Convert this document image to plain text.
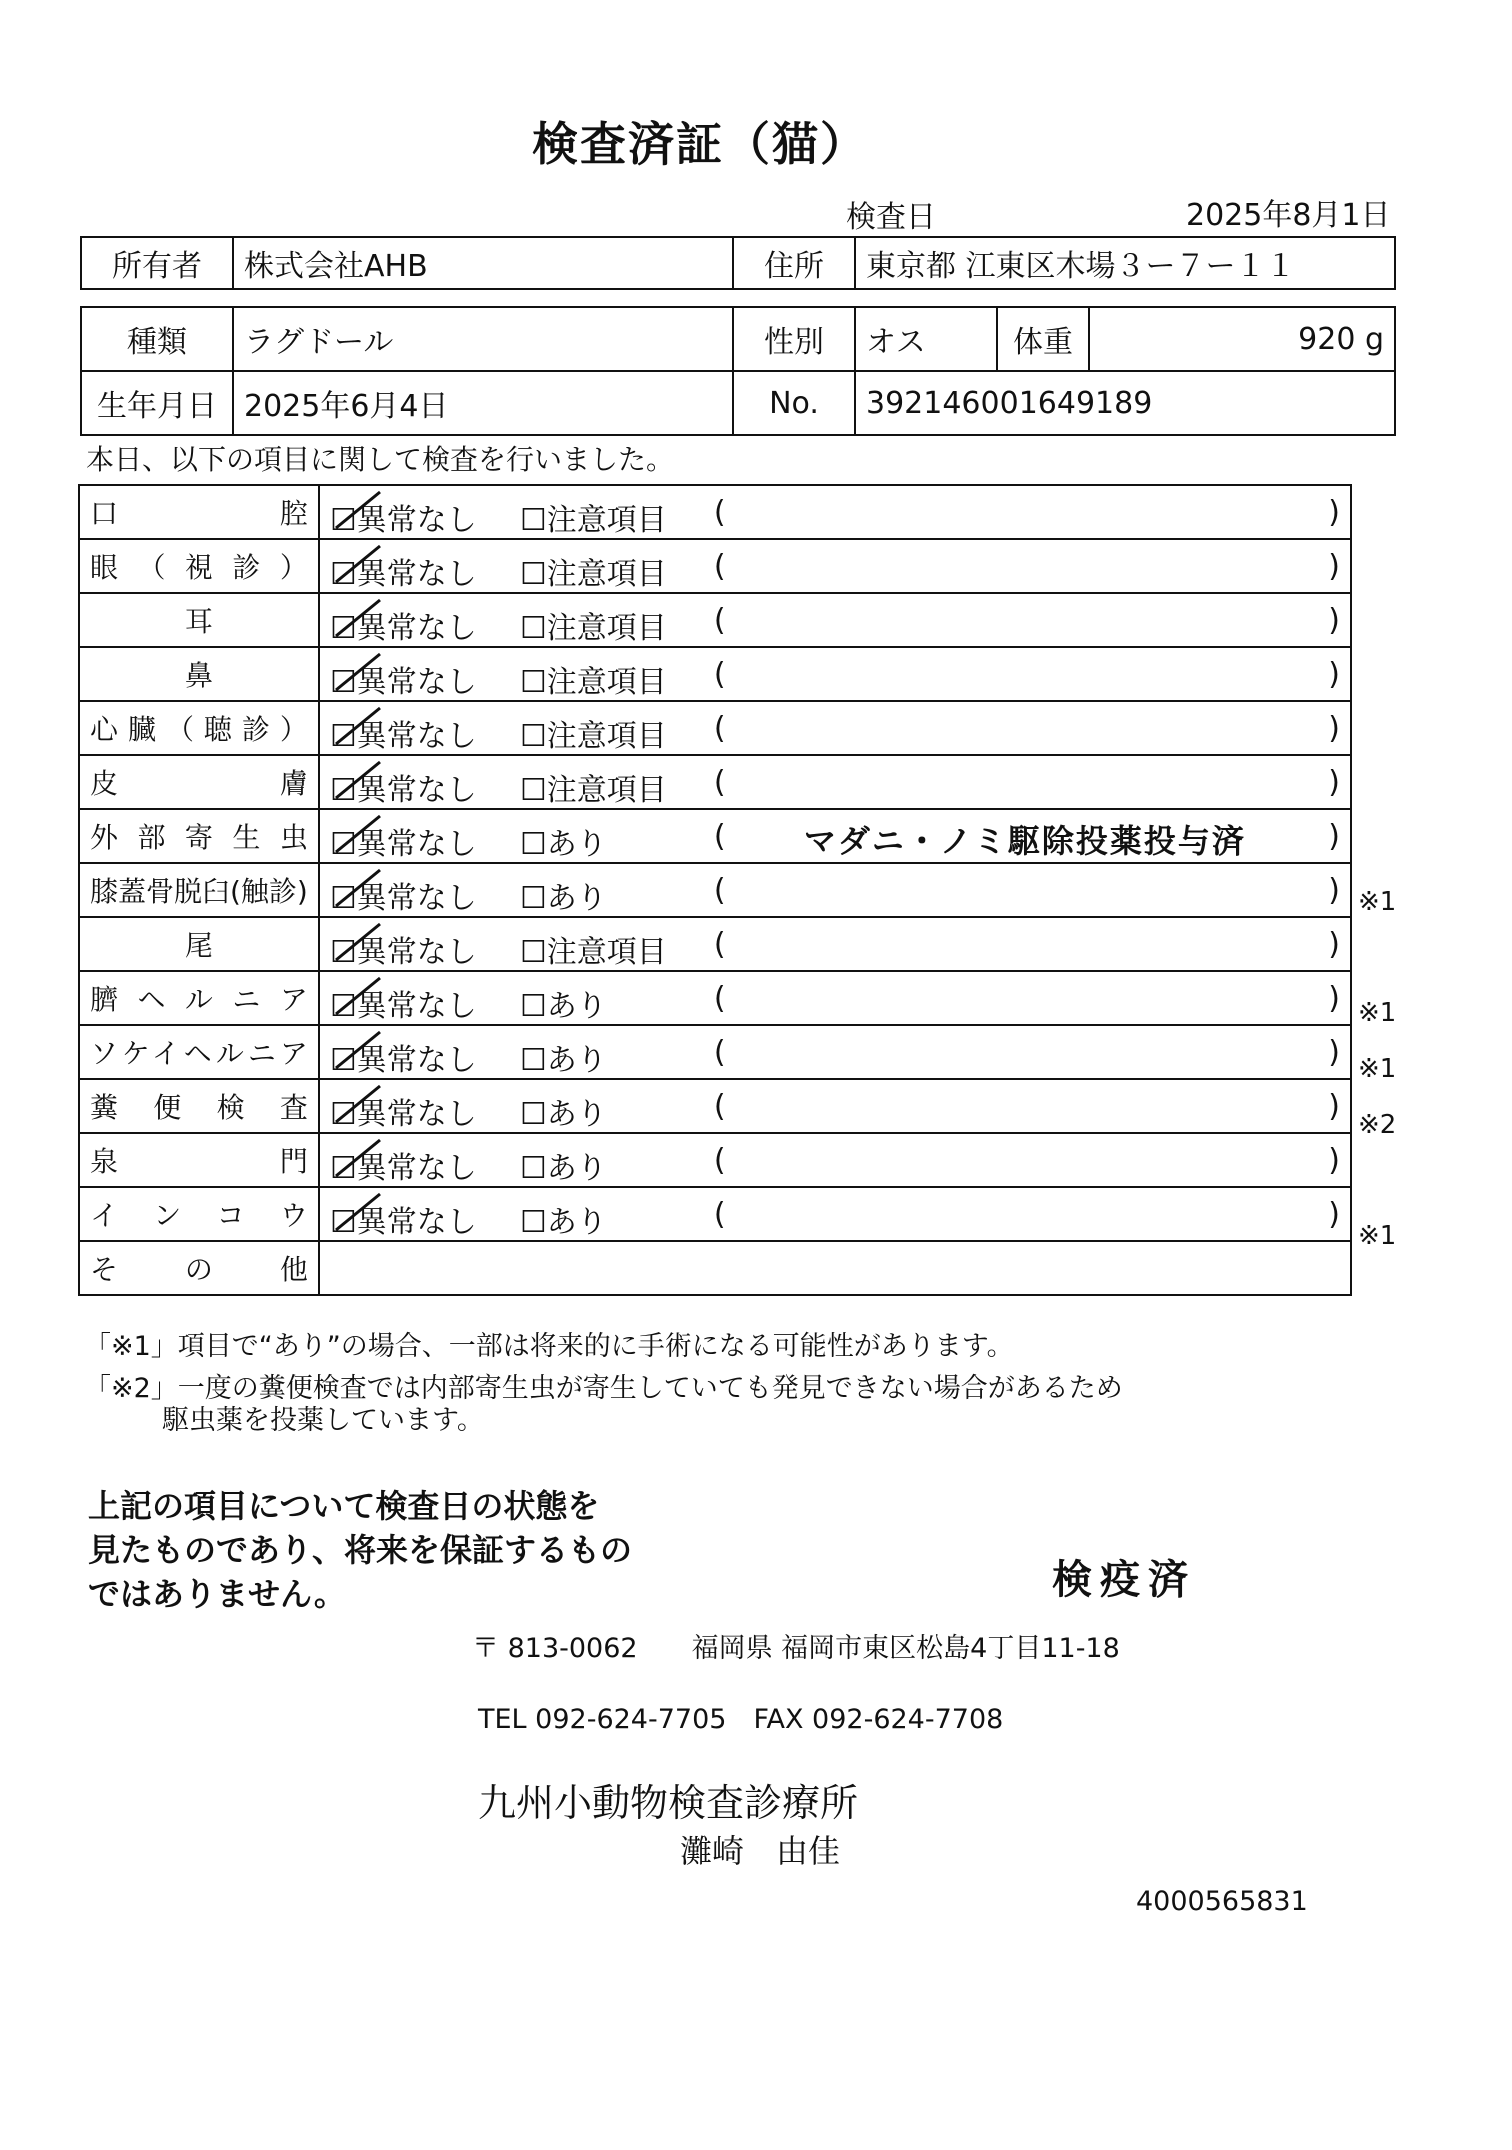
検査済証（猫）
検査日	2025年8月1日
所有者	株式会社AHB	住所	東京都 江東区木場３ー７ー１１
種類	ラグドール	性別	オス	体重	920 g
生年月日	2025年6月4日	No.	392146001649189		
本日、以下の項目に関して検査を行いました。
口腔	☐異常なし ☐注意項目 ( )

眼（視診）	☐異常なし ☐注意項目 ( )

耳	☐異常なし ☐注意項目 ( )

鼻	☐異常なし ☐注意項目 ( )

心臓（聴診）	☐異常なし ☐注意項目 ( )

皮膚	☐異常なし ☐注意項目 ( )

外部寄生虫	☐異常なし ☐あり ( マダニ・ノミ駆除投薬投与済 )

膝蓋骨脱臼(触診)	☐異常なし ☐あり ( )

尾	☐異常なし ☐注意項目 ( )

臍ヘルニア	☐異常なし ☐あり ( )

ソケイヘルニア	☐異常なし ☐あり ( )

糞便検査	☐異常なし ☐あり ( )

泉門	☐異常なし ☐あり ( )

インコウ	☐異常なし ☐あり ( )

その他	
※1
※1
※1
※2
※1
「※1」項目で“あり”の場合、一部は将来的に手術になる可能性があります。
「※2」一度の糞便検査では内部寄生虫が寄生していても発見できない場合があるため
駆虫薬を投薬しています。
上記の項目について検査日の状態を
見たものであり、将来を保証するもの
ではありません。	検疫済
〒 813-0062　　福岡県 福岡市東区松島4丁目11-18
TEL 092-624-7705　FAX 092-624-7708
九州小動物検査診療所
灘崎　由佳
4000565831
